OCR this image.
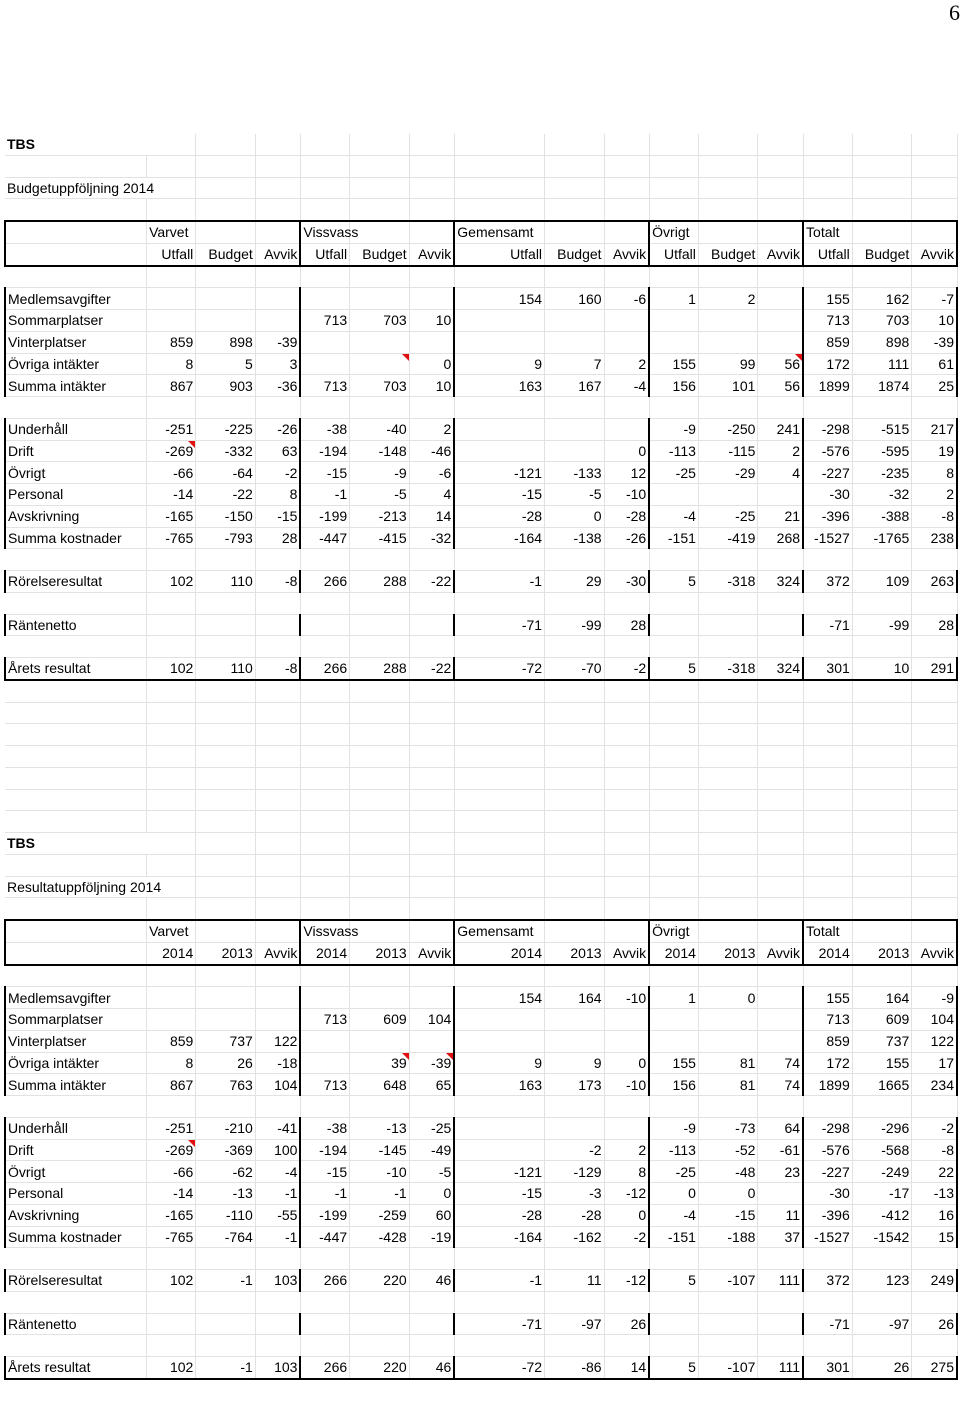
6
TBS															

Budgetuppföljning 2014															

	Varvet			Vissvass			Gemensamt			Övrigt			Totalt		
	Utfall	Budget	Avvik	Utfall	Budget	Avvik	Utfall	Budget	Avvik	Utfall	Budget	Avvik	Utfall	Budget	Avvik

Medlemsavgifter							154	160	-6	1	2		155	162	-7
Sommarplatser				713	703	10							713	703	10
Vinterplatser	859	898	-39										859	898	-39
Övriga intäkter	8	5	3			0	9	7	2	155	99	56	172	111	61
Summa intäkter	867	903	-36	713	703	10	163	167	-4	156	101	56	1899	1874	25

Underhåll	-251	-225	-26	-38	-40	2				-9	-250	241	-298	-515	217
Drift	-269	-332	63	-194	-148	-46			0	-113	-115	2	-576	-595	19
Övrigt	-66	-64	-2	-15	-9	-6	-121	-133	12	-25	-29	4	-227	-235	8
Personal	-14	-22	8	-1	-5	4	-15	-5	-10				-30	-32	2
Avskrivning	-165	-150	-15	-199	-213	14	-28	0	-28	-4	-25	21	-396	-388	-8
Summa kostnader	-765	-793	28	-447	-415	-32	-164	-138	-26	-151	-419	268	-1527	-1765	238

Rörelseresultat	102	110	-8	266	288	-22	-1	29	-30	5	-318	324	372	109	263

Räntenetto							-71	-99	28				-71	-99	28

Årets resultat	102	110	-8	266	288	-22	-72	-70	-2	5	-318	324	301	10	291

TBS															

Resultatuppföljning 2014															

	Varvet			Vissvass			Gemensamt			Övrigt			Totalt		
	2014	2013	Avvik	2014	2013	Avvik	2014	2013	Avvik	2014	2013	Avvik	2014	2013	Avvik

Medlemsavgifter							154	164	-10	1	0		155	164	-9
Sommarplatser				713	609	104							713	609	104
Vinterplatser	859	737	122										859	737	122
Övriga intäkter	8	26	-18		39	-39	9	9	0	155	81	74	172	155	17
Summa intäkter	867	763	104	713	648	65	163	173	-10	156	81	74	1899	1665	234

Underhåll	-251	-210	-41	-38	-13	-25				-9	-73	64	-298	-296	-2
Drift	-269	-369	100	-194	-145	-49		-2	2	-113	-52	-61	-576	-568	-8
Övrigt	-66	-62	-4	-15	-10	-5	-121	-129	8	-25	-48	23	-227	-249	22
Personal	-14	-13	-1	-1	-1	0	-15	-3	-12	0	0		-30	-17	-13
Avskrivning	-165	-110	-55	-199	-259	60	-28	-28	0	-4	-15	11	-396	-412	16
Summa kostnader	-765	-764	-1	-447	-428	-19	-164	-162	-2	-151	-188	37	-1527	-1542	15

Rörelseresultat	102	-1	103	266	220	46	-1	11	-12	5	-107	111	372	123	249

Räntenetto							-71	-97	26				-71	-97	26

Årets resultat	102	-1	103	266	220	46	-72	-86	14	5	-107	111	301	26	275
